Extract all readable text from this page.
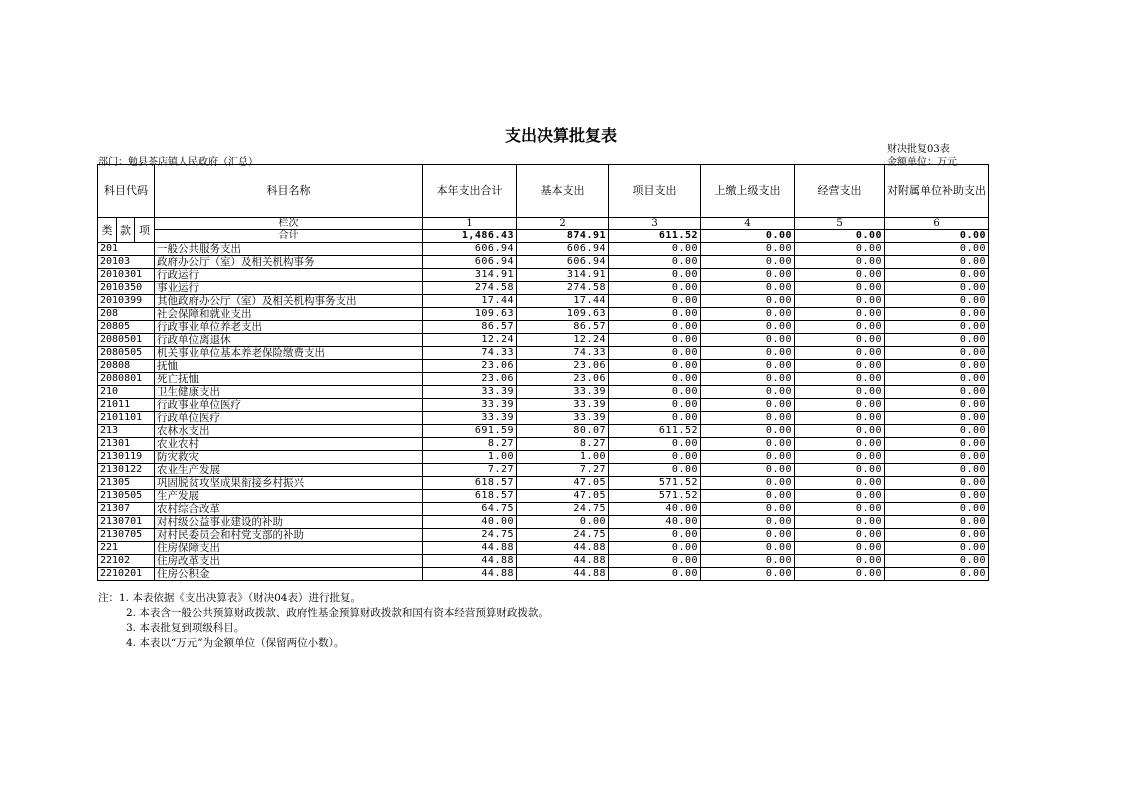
支出决算批复表
财决批复03表
部门：勉县茶店镇人民政府（汇总）	金额单位：万元
科目代码			科目名称	本年支出合计	基本支出	项目支出	上缴上级支出	经营支出	对附属单位补助支出
类	款	项	栏次	1	2	3	4	5	6
			合计	1,486.43	874.91	611.52	0.00	0.00	0.00
201			一般公共服务支出	606.94	606.94	0.00	0.00	0.00	0.00
20103			政府办公厅（室）及相关机构事务	606.94	606.94	0.00	0.00	0.00	0.00
2010301			行政运行	314.91	314.91	0.00	0.00	0.00	0.00
2010350			事业运行	274.58	274.58	0.00	0.00	0.00	0.00
2010399			其他政府办公厅（室）及相关机构事务支出	17.44	17.44	0.00	0.00	0.00	0.00
208			社会保障和就业支出	109.63	109.63	0.00	0.00	0.00	0.00
20805			行政事业单位养老支出	86.57	86.57	0.00	0.00	0.00	0.00
2080501			行政单位离退休	12.24	12.24	0.00	0.00	0.00	0.00
2080505			机关事业单位基本养老保险缴费支出	74.33	74.33	0.00	0.00	0.00	0.00
20808			抚恤	23.06	23.06	0.00	0.00	0.00	0.00
2080801			死亡抚恤	23.06	23.06	0.00	0.00	0.00	0.00
210			卫生健康支出	33.39	33.39	0.00	0.00	0.00	0.00
21011			行政事业单位医疗	33.39	33.39	0.00	0.00	0.00	0.00
2101101			行政单位医疗	33.39	33.39	0.00	0.00	0.00	0.00
213			农林水支出	691.59	80.07	611.52	0.00	0.00	0.00
21301			农业农村	8.27	8.27	0.00	0.00	0.00	0.00
2130119			防灾救灾	1.00	1.00	0.00	0.00	0.00	0.00
2130122			农业生产发展	7.27	7.27	0.00	0.00	0.00	0.00
21305			巩固脱贫攻坚成果衔接乡村振兴	618.57	47.05	571.52	0.00	0.00	0.00
2130505			生产发展	618.57	47.05	571.52	0.00	0.00	0.00
21307			农村综合改革	64.75	24.75	40.00	0.00	0.00	0.00
2130701			对村级公益事业建设的补助	40.00	0.00	40.00	0.00	0.00	0.00
2130705			对村民委员会和村党支部的补助	24.75	24.75	0.00	0.00	0.00	0.00
221			住房保障支出	44.88	44.88	0.00	0.00	0.00	0.00
22102			住房改革支出	44.88	44.88	0.00	0.00	0.00	0.00
2210201			住房公积金	44.88	44.88	0.00	0.00	0.00	0.00
注：1. 本表依据《支出决算表》（财决04表）进行批复。
2. 本表含一般公共预算财政拨款、政府性基金预算财政拨款和国有资本经营预算财政拨款。
3. 本表批复到项级科目。
4. 本表以“万元”为金额单位（保留两位小数）。
